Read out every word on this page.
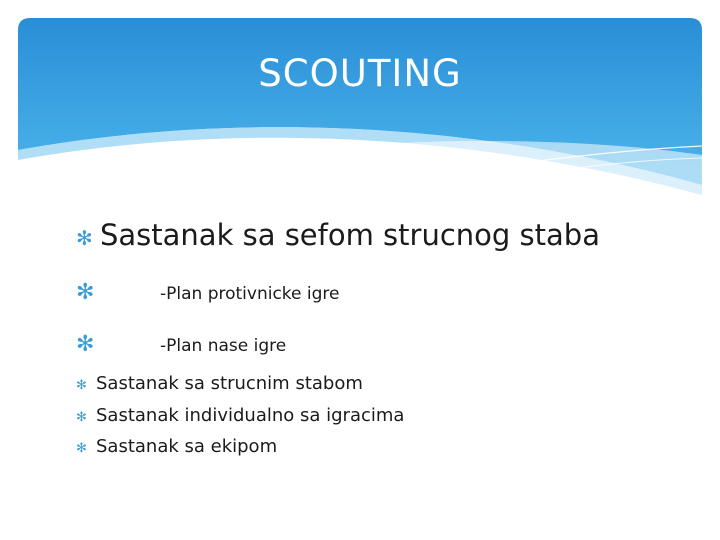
SCOUTING
✻ Sastanak sa sefom strucnog staba
✻	-Plan protivnicke igre
✻	-Plan nase igre
✻ Sastanak sa strucnim stabom
✻ Sastanak individualno sa igracima
✻ Sastanak sa ekipom
